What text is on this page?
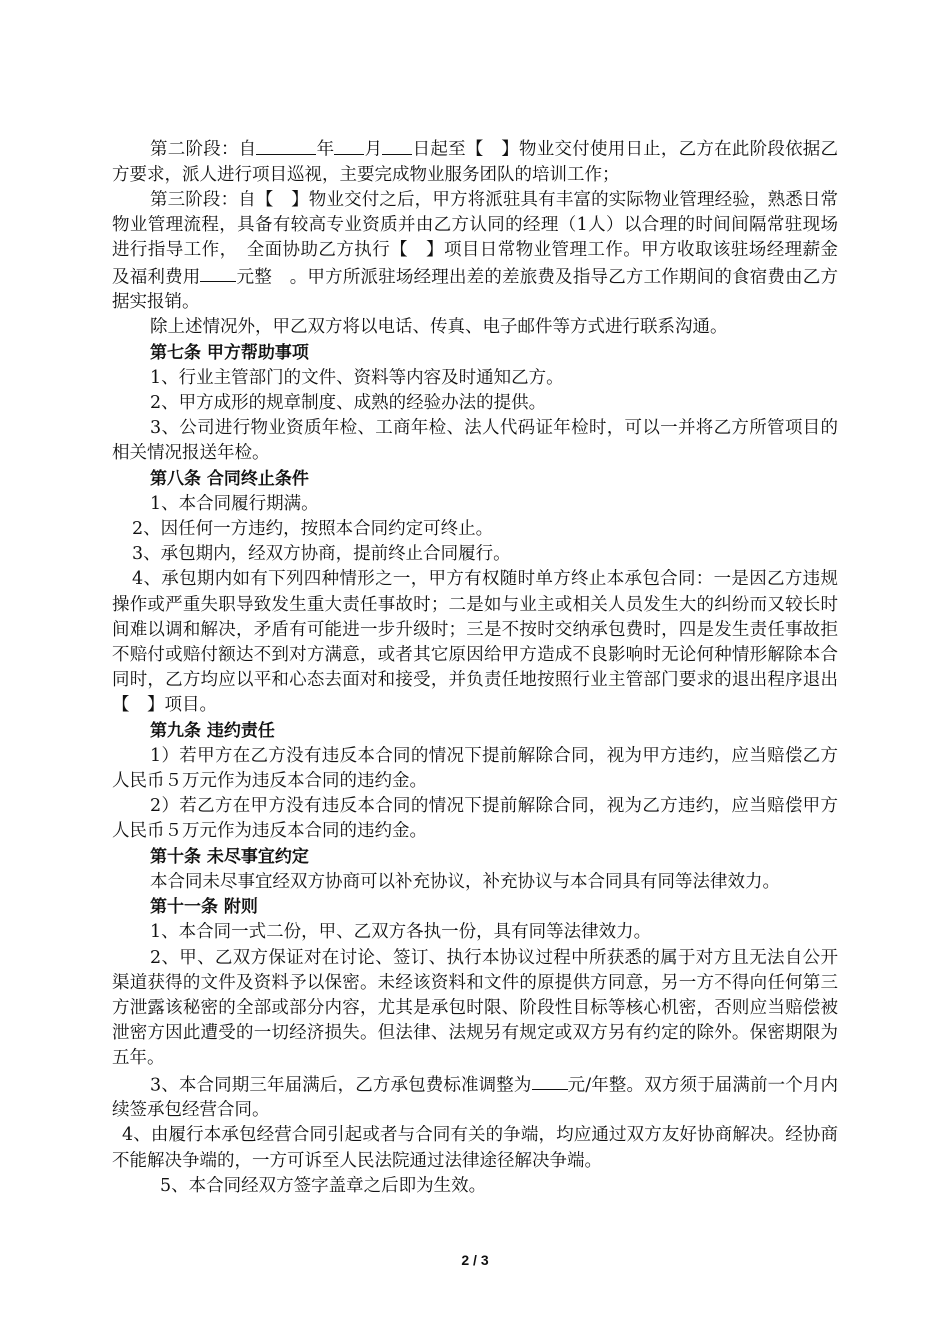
第二阶段：自	年 月 日起至【　】物业交付使用日止，乙方在此阶段依据乙方要求，派人进行项目巡视，主要完成物业服务团队的培训工作；

第三阶段：自【　】物业交付之后，甲方将派驻具有丰富的实际物业管理经验，熟悉日常物业管理流程，具备有较高专业资质并由乙方认同的经理（1人）以合理的时间间隔常驻现场进行指导工作，　全面协助乙方执行【　】项目日常物业管理工作。甲方收取该驻场经理薪金及福利费用 元整　。甲方所派驻场经理出差的差旅费及指导乙方工作期间的食宿费由乙方据实报销。

除上述情况外，甲乙双方将以电话、传真、电子邮件等方式进行联系沟通。

第七条 甲方帮助事项

1、行业主管部门的文件、资料等内容及时通知乙方。

2、甲方成形的规章制度、成熟的经验办法的提供。

3、公司进行物业资质年检、工商年检、法人代码证年检时，可以一并将乙方所管项目的相关情况报送年检。

第八条 合同终止条件

1、本合同履行期满。

2、因任何一方违约，按照本合同约定可终止。

3、承包期内，经双方协商，提前终止合同履行。

4、承包期内如有下列四种情形之一，甲方有权随时单方终止本承包合同：一是因乙方违规操作或严重失职导致发生重大责任事故时；二是如与业主或相关人员发生大的纠纷而又较长时间难以调和解决，矛盾有可能进一步升级时；三是不按时交纳承包费时，四是发生责任事故拒不赔付或赔付额达不到对方满意，或者其它原因给甲方造成不良影响时无论何种情形解除本合同时，乙方均应以平和心态去面对和接受，并负责任地按照行业主管部门要求的退出程序退出【　】项目。

第九条 违约责任

1）若甲方在乙方没有违反本合同的情况下提前解除合同，视为甲方违约，应当赔偿乙方人民币５万元作为违反本合同的违约金。

2）若乙方在甲方没有违反本合同的情况下提前解除合同，视为乙方违约，应当赔偿甲方人民币５万元作为违反本合同的违约金。

第十条 未尽事宜约定

本合同未尽事宜经双方协商可以补充协议，补充协议与本合同具有同等法律效力。

第十一条 附则

1、本合同一式二份，甲、乙双方各执一份，具有同等法律效力。

2、甲、乙双方保证对在讨论、签订、执行本协议过程中所获悉的属于对方且无法自公开渠道获得的文件及资料予以保密。未经该资料和文件的原提供方同意，另一方不得向任何第三方泄露该秘密的全部或部分内容，尤其是承包时限、阶段性目标等核心机密，否则应当赔偿被泄密方因此遭受的一切经济损失。但法律、法规另有规定或双方另有约定的除外。保密期限为五年。

3、本合同期三年届满后，乙方承包费标准调整为 元/年整。双方须于届满前一个月内续签承包经营合同。

4、由履行本承包经营合同引起或者与合同有关的争端，均应通过双方友好协商解决。经协商不能解决争端的，一方可诉至人民法院通过法律途径解决争端。

5、本合同经双方签字盖章之后即为生效。

2 / 3
